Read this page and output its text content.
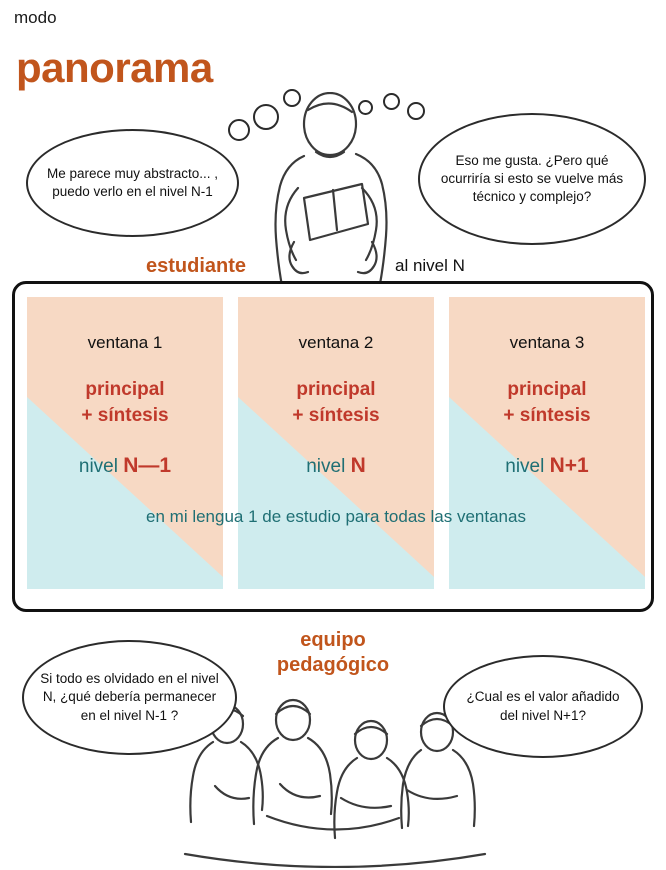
modo
panorama
Me parece muy abstracto... , puedo verlo en el nivel N-1
Eso me gusta. ¿Pero qué ocurriría si esto se vuelve más técnico y complejo?
estudiante	al nivel N
ventana 1
principal
+ síntesis
nivel N—1
ventana 2
principal
+ síntesis
nivel N
ventana 3
principal
+ síntesis
nivel N+1
en mi lengua 1 de estudio para todas las ventanas
equipo
pedagógico
Si todo es olvidado en el nivel N, ¿qué debería permanecer en el nivel N-1 ?
¿Cual es el valor añadido del nivel N+1?
